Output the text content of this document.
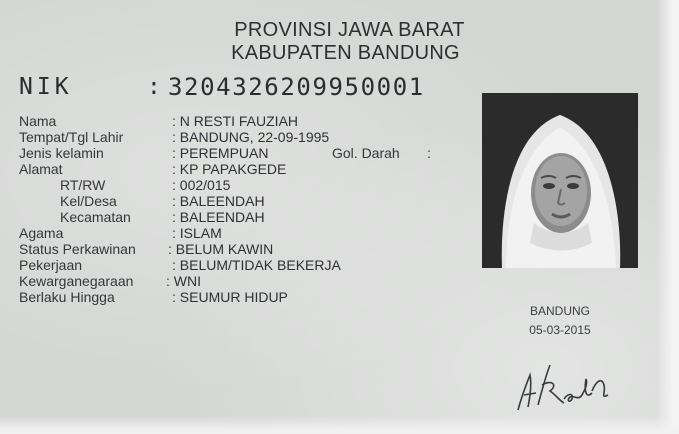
PROVINSI JAWA BARAT
KABUPATEN BANDUNG
NIK	: 3204326209950001
Nama	: N RESTI FAUZIAH
Tempat/Tgl Lahir	: BANDUNG, 22-09-1995
Jenis kelamin	: PEREMPUAN	Gol. Darah :
Alamat	: KP PAPAKGEDE
RT/RW	: 002/015
Kel/Desa	: BALEENDAH
Kecamatan	: BALEENDAH
Agama	: ISLAM
Status Perkawinan : BELUM KAWIN
Pekerjaan	: BELUM/TIDAK BEKERJA
Kewarganegaraan : WNI
Berlaku Hingga	: SEUMUR HIDUP
BANDUNG
05-03-2015
